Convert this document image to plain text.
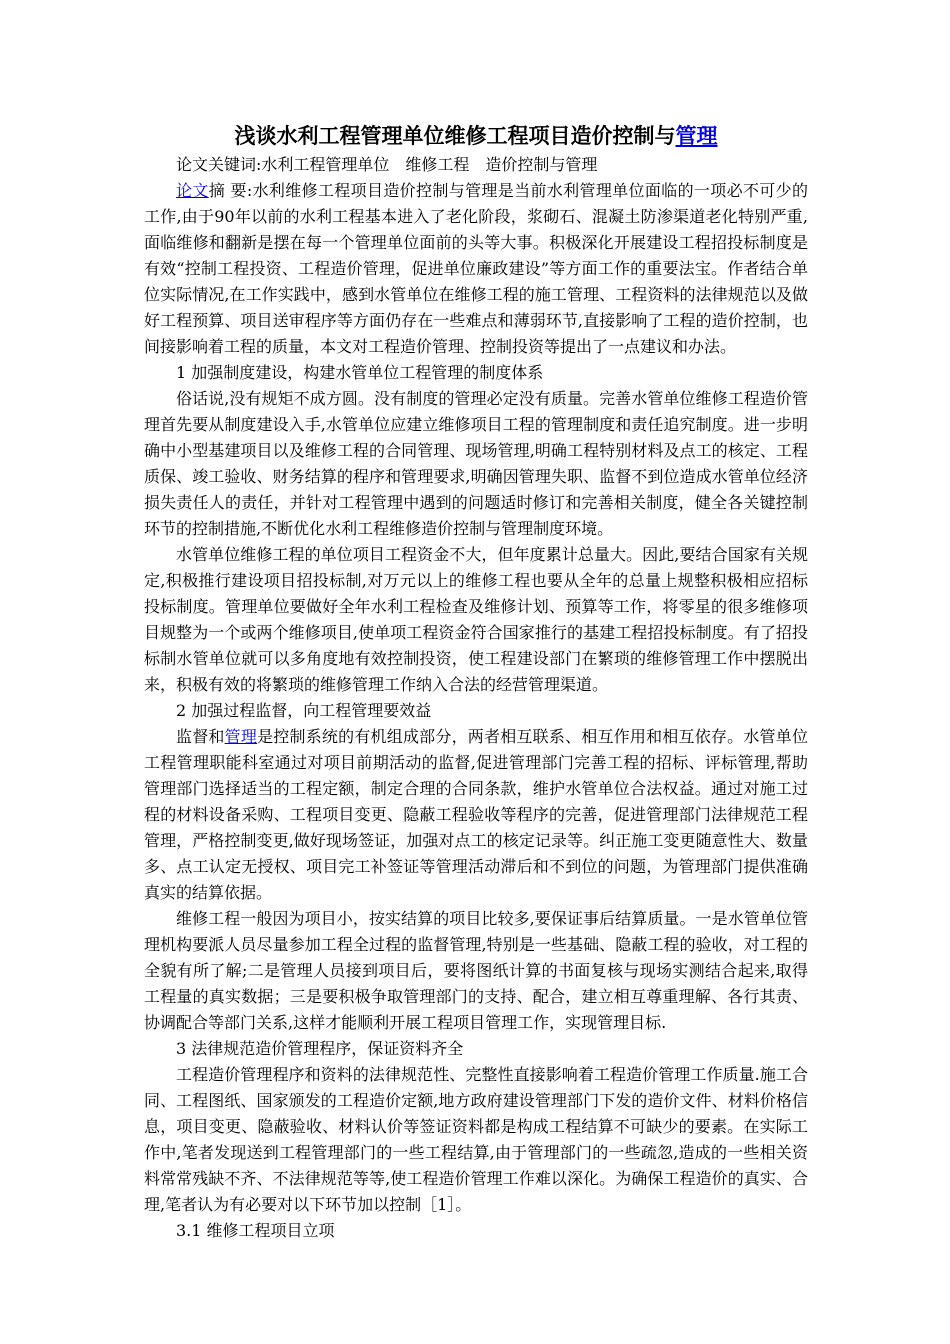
浅谈水利工程管理单位维修工程项目造价控制与管理

论文关键词:水利工程管理单位　维修工程　造价控制与管理

论文摘 要:水利维修工程项目造价控制与管理是当前水利管理单位面临的一项必不可少的工作,由于90年以前的水利工程基本进入了老化阶段，浆砌石、混凝土防渗渠道老化特别严重,面临维修和翻新是摆在每一个管理单位面前的头等大事。积极深化开展建设工程招投标制度是有效“控制工程投资、工程造价管理，促进单位廉政建设”等方面工作的重要法宝。作者结合单位实际情况,在工作实践中，感到水管单位在维修工程的施工管理、工程资料的法律规范以及做好工程预算、项目送审程序等方面仍存在一些难点和薄弱环节,直接影响了工程的造价控制，也间接影响着工程的质量，本文对工程造价管理、控制投资等提出了一点建议和办法。

1 加强制度建设，构建水管单位工程管理的制度体系

俗话说,没有规矩不成方圆。没有制度的管理必定没有质量。完善水管单位维修工程造价管理首先要从制度建设入手,水管单位应建立维修项目工程的管理制度和责任追究制度。进一步明确中小型基建项目以及维修工程的合同管理、现场管理,明确工程特别材料及点工的核定、工程质保、竣工验收、财务结算的程序和管理要求,明确因管理失职、监督不到位造成水管单位经济损失责任人的责任，并针对工程管理中遇到的问题适时修订和完善相关制度，健全各关键控制环节的控制措施,不断优化水利工程维修造价控制与管理制度环境。

水管单位维修工程的单位项目工程资金不大，但年度累计总量大。因此,要结合国家有关规定,积极推行建设项目招投标制,对万元以上的维修工程也要从全年的总量上规整积极相应招标投标制度。管理单位要做好全年水利工程检查及维修计划、预算等工作，将零星的很多维修项目规整为一个或两个维修项目,使单项工程资金符合国家推行的基建工程招投标制度。有了招投标制水管单位就可以多角度地有效控制投资，使工程建设部门在繁琐的维修管理工作中摆脱出来，积极有效的将繁琐的维修管理工作纳入合法的经营管理渠道。

2 加强过程监督，向工程管理要效益

监督和管理是控制系统的有机组成部分，两者相互联系、相互作用和相互依存。水管单位工程管理职能科室通过对项目前期活动的监督,促进管理部门完善工程的招标、评标管理,帮助管理部门选择适当的工程定额，制定合理的合同条款，维护水管单位合法权益。通过对施工过程的材料设备采购、工程项目变更、隐蔽工程验收等程序的完善，促进管理部门法律规范工程管理，严格控制变更,做好现场签证，加强对点工的核定记录等。纠正施工变更随意性大、数量多、点工认定无授权、项目完工补签证等管理活动滞后和不到位的问题，为管理部门提供准确真实的结算依据。

维修工程一般因为项目小，按实结算的项目比较多,要保证事后结算质量。一是水管单位管理机构要派人员尽量参加工程全过程的监督管理,特别是一些基础、隐蔽工程的验收，对工程的全貌有所了解;二是管理人员接到项目后，要将图纸计算的书面复核与现场实测结合起来,取得工程量的真实数据；三是要积极争取管理部门的支持、配合，建立相互尊重理解、各行其责、协调配合等部门关系,这样才能顺利开展工程项目管理工作，实现管理目标.

3 法律规范造价管理程序，保证资料齐全

工程造价管理程序和资料的法律规范性、完整性直接影响着工程造价管理工作质量.施工合同、工程图纸、国家颁发的工程造价定额,地方政府建设管理部门下发的造价文件、材料价格信息，项目变更、隐蔽验收、材料认价等签证资料都是构成工程结算不可缺少的要素。在实际工作中,笔者发现送到工程管理部门的一些工程结算,由于管理部门的一些疏忽,造成的一些相关资料常常残缺不齐、不法律规范等等,使工程造价管理工作难以深化。为确保工程造价的真实、合理,笔者认为有必要对以下环节加以控制［1］。

3.1 维修工程项目立项
